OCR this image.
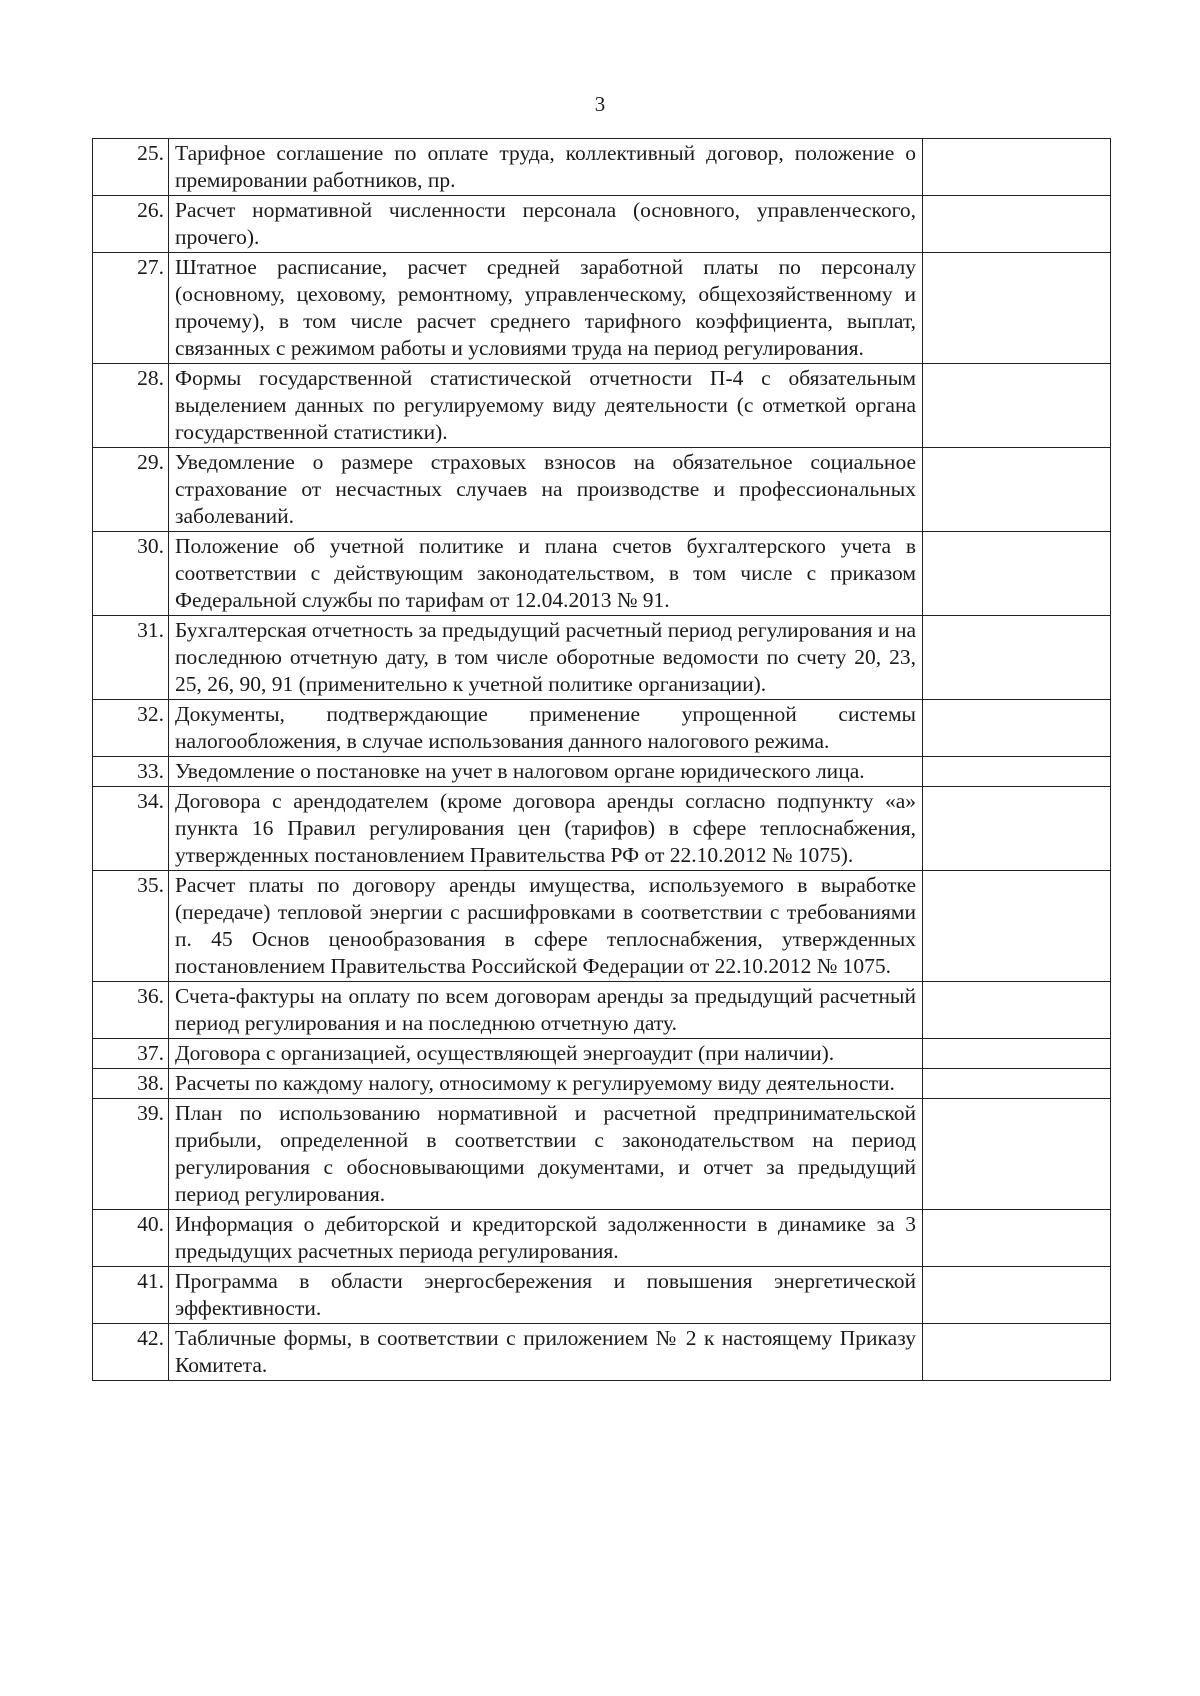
3
25.	Тарифное соглашение по оплате труда, коллективный договор, положение о премировании работников, пр.	
26.	Расчет нормативной численности персонала (основного, управленческого, прочего).	
27.	Штатное расписание, расчет средней заработной платы по персоналу (основному, цеховому, ремонтному, управленческому, общехозяйственному и прочему), в том числе расчет среднего тарифного коэффициента, выплат, связанных с режимом работы и условиями труда на период регулирования.	
28.	Формы государственной статистической отчетности П-4 с обязательным выделением данных по регулируемому виду деятельности (с отметкой органа государственной статистики).	
29.	Уведомление о размере страховых взносов на обязательное социальное страхование от несчастных случаев на производстве и профессиональных заболеваний.	
30.	Положение об учетной политике и плана счетов бухгалтерского учета в соответствии с действующим законодательством, в том числе с приказом Федеральной службы по тарифам от 12.04.2013 № 91.	
31.	Бухгалтерская отчетность за предыдущий расчетный период регулирования и на последнюю отчетную дату, в том числе оборотные ведомости по счету 20, 23, 25, 26, 90, 91 (применительно к учетной политике организации).	
32.	Документы, подтверждающие применение упрощенной системы налогообложения, в случае использования данного налогового режима.	
33.	Уведомление о постановке на учет в налоговом органе юридического лица.	
34.	Договора с арендодателем (кроме договора аренды согласно подпункту «а» пункта 16 Правил регулирования цен (тарифов) в сфере теплоснабжения, утвержденных постановлением Правительства РФ от 22.10.2012 № 1075).	
35.	Расчет платы по договору аренды имущества, используемого в выработке (передаче) тепловой энергии с расшифровками в соответствии с требованиями п. 45 Основ ценообразования в сфере теплоснабжения, утвержденных постановлением Правительства Российской Федерации от 22.10.2012 № 1075.	
36.	Счета-фактуры на оплату по всем договорам аренды за предыдущий расчетный период регулирования и на последнюю отчетную дату.	
37.	Договора с организацией, осуществляющей энергоаудит (при наличии).	
38.	Расчеты по каждому налогу, относимому к регулируемому виду деятельности.	
39.	План по использованию нормативной и расчетной предпринимательской прибыли, определенной в соответствии с законодательством на период регулирования с обосновывающими документами, и отчет за предыдущий период регулирования.	
40.	Информация о дебиторской и кредиторской задолженности в динамике за 3 предыдущих расчетных периода регулирования.	
41.	Программа в области энергосбережения и повышения энергетической эффективности.	
42.	Табличные формы, в соответствии с приложением № 2 к настоящему Приказу Комитета.	
